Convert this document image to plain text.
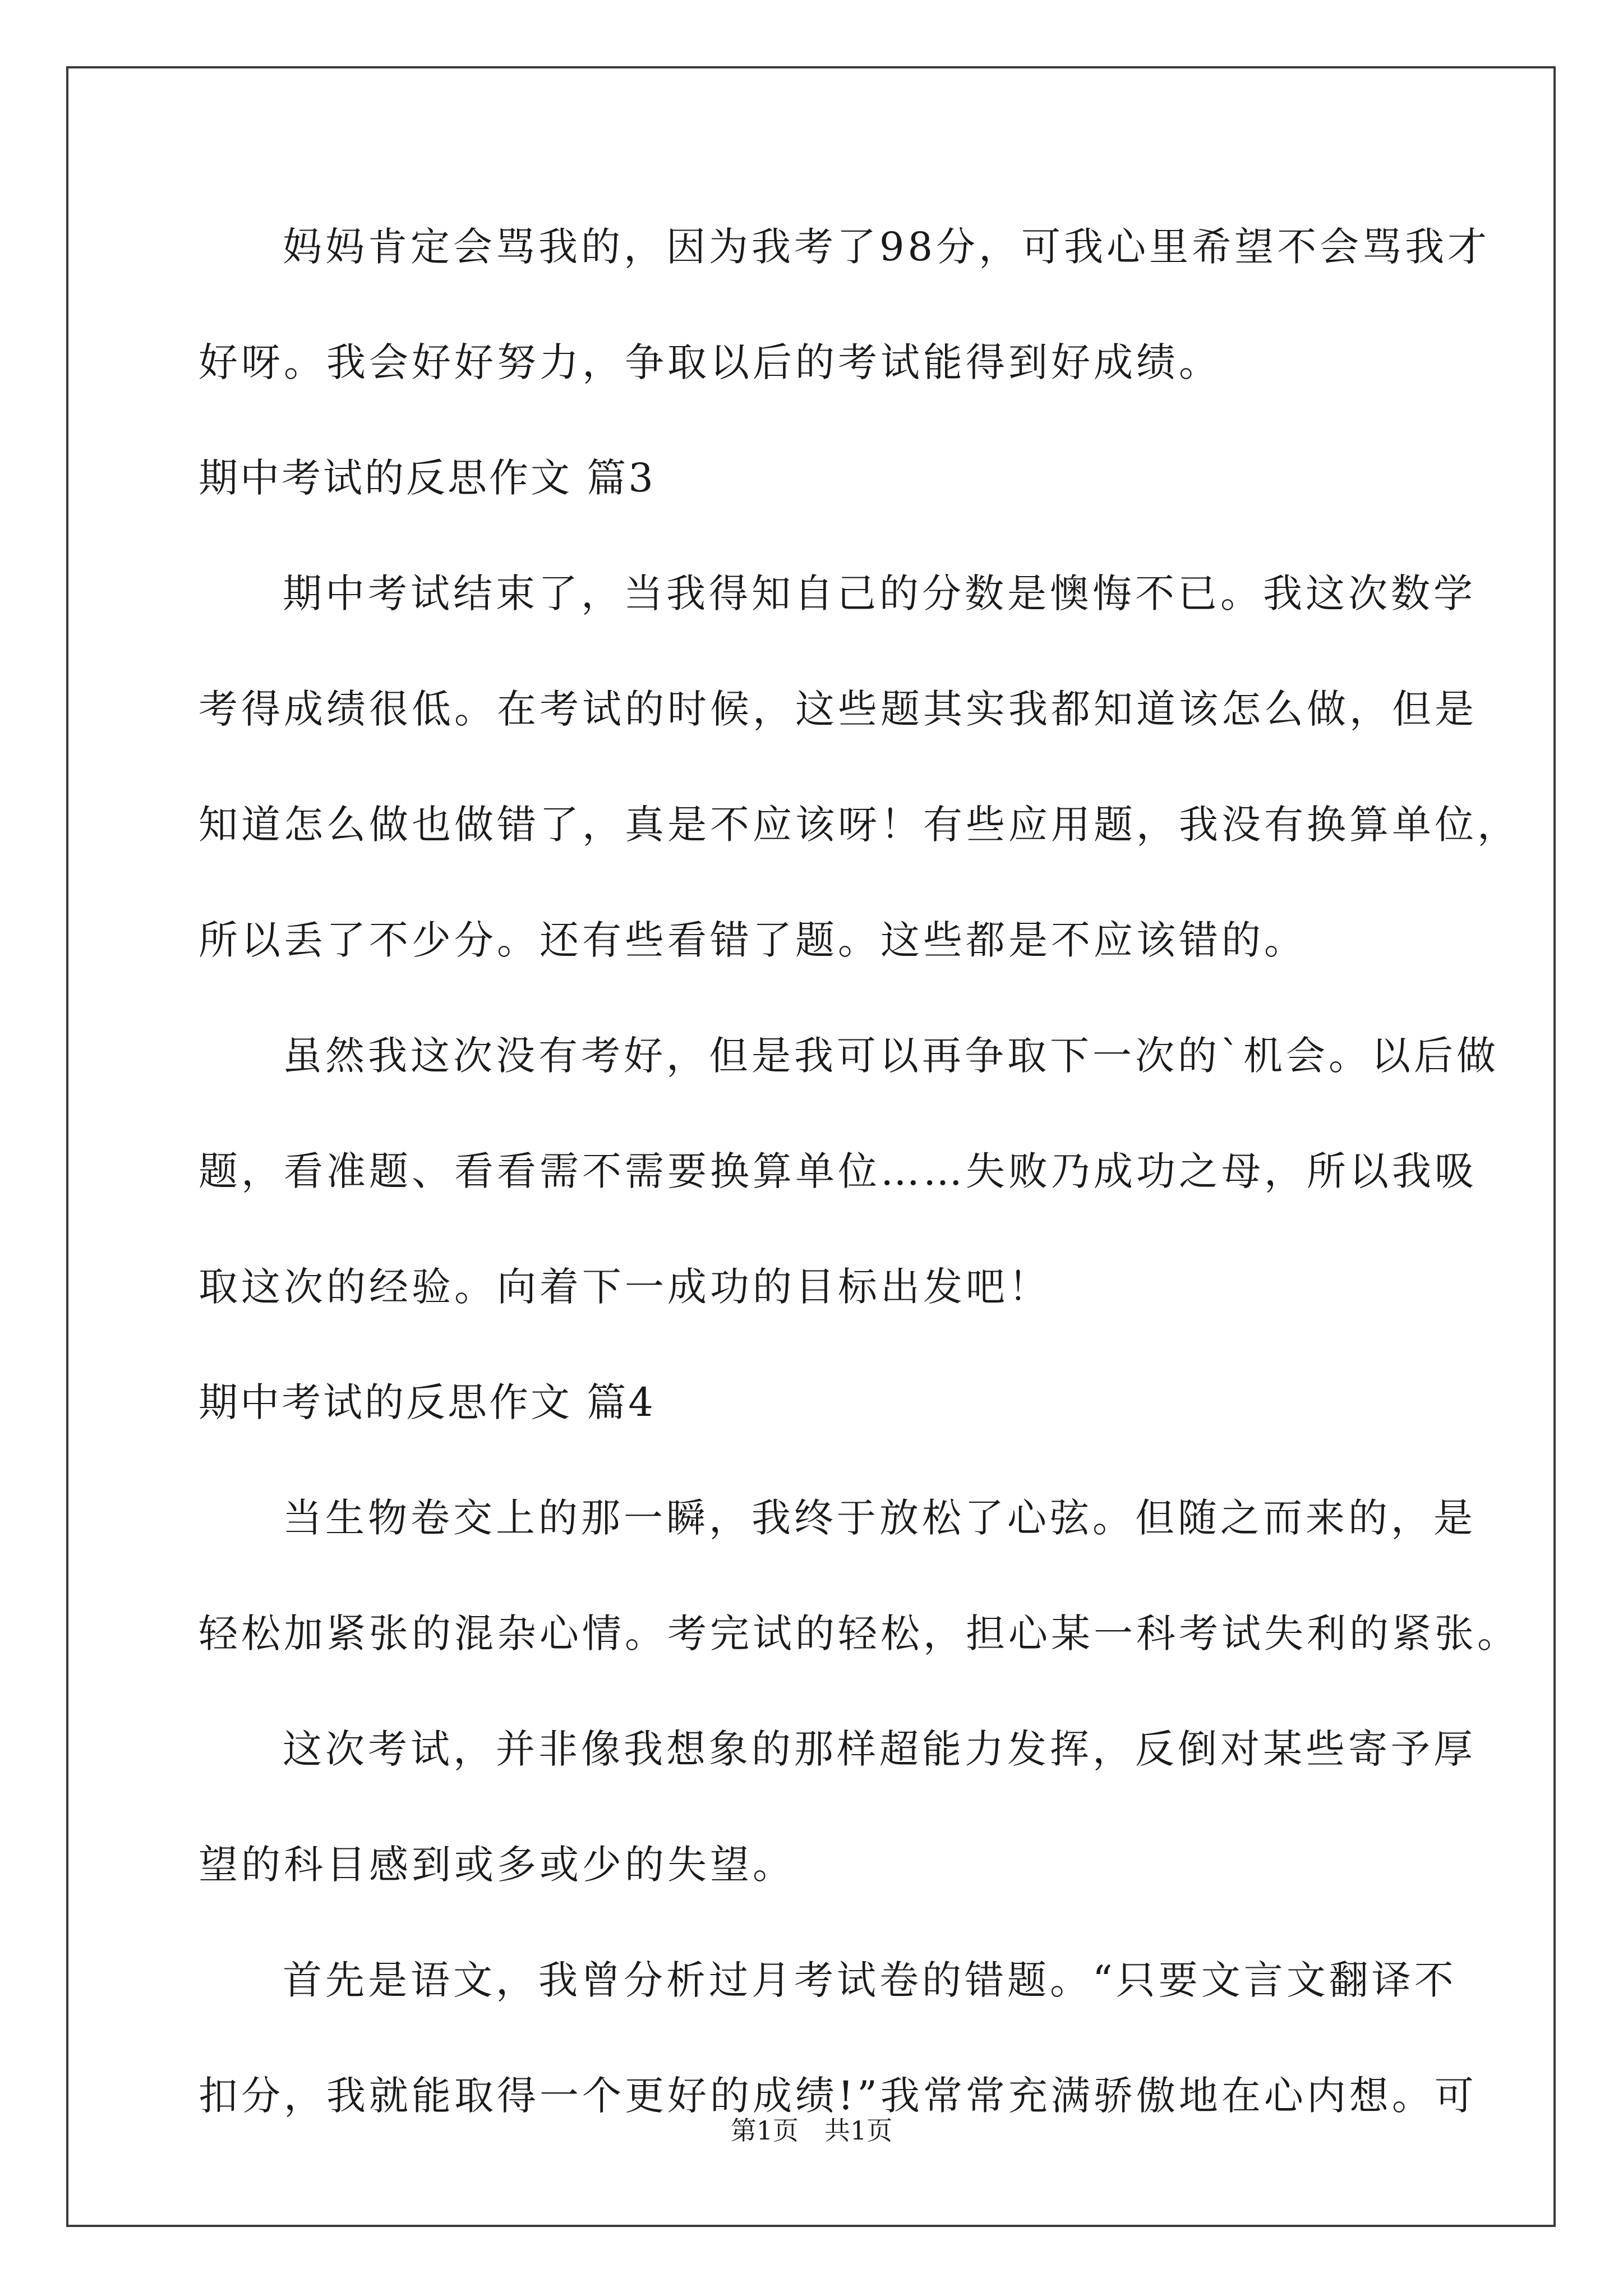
妈妈肯定会骂我的，因为我考了98分，可我心里希望不会骂我才
好呀。我会好好努力，争取以后的考试能得到好成绩。
期中考试的反思作文 篇3
期中考试结束了，当我得知自己的分数是懊悔不已。我这次数学
考得成绩很低。在考试的时候，这些题其实我都知道该怎么做，但是
知道怎么做也做错了，真是不应该呀！有些应用题，我没有换算单位，
所以丢了不少分。还有些看错了题。这些都是不应该错的。
虽然我这次没有考好，但是我可以再争取下一次的`机会。以后做
题，看准题、看看需不需要换算单位……失败乃成功之母，所以我吸
取这次的经验。向着下一成功的目标出发吧！
期中考试的反思作文 篇4
当生物卷交上的那一瞬，我终于放松了心弦。但随之而来的，是
轻松加紧张的混杂心情。考完试的轻松，担心某一科考试失利的紧张。
这次考试，并非像我想象的那样超能力发挥，反倒对某些寄予厚
望的科目感到或多或少的失望。
首先是语文，我曾分析过月考试卷的错题。“只要文言文翻译不
扣分，我就能取得一个更好的成绩!”我常常充满骄傲地在心内想。可
第1页　共1页
